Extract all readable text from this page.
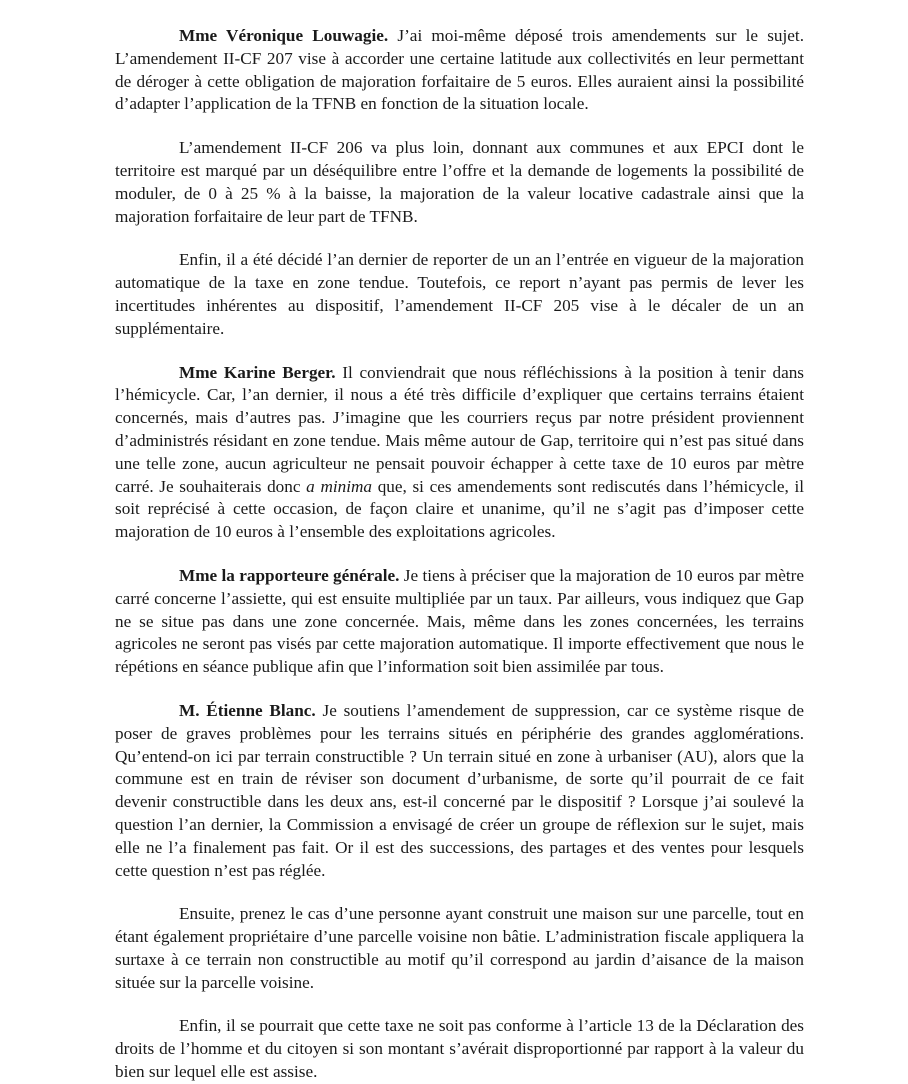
Mme Véronique Louwagie. J’ai moi-même déposé trois amendements sur le sujet. L’amendement II-CF 207 vise à accorder une certaine latitude aux collectivités en leur permettant de déroger à cette obligation de majoration forfaitaire de 5 euros. Elles auraient ainsi la possibilité d’adapter l’application de la TFNB en fonction de la situation locale.

L’amendement II-CF 206 va plus loin, donnant aux communes et aux EPCI dont le territoire est marqué par un déséquilibre entre l’offre et la demande de logements la possibilité de moduler, de 0 à 25 % à la baisse, la majoration de la valeur locative cadastrale ainsi que la majoration forfaitaire de leur part de TFNB.

Enfin, il a été décidé l’an dernier de reporter de un an l’entrée en vigueur de la majoration automatique de la taxe en zone tendue. Toutefois, ce report n’ayant pas permis de lever les incertitudes inhérentes au dispositif, l’amendement II-CF 205 vise à le décaler de un an supplémentaire.

Mme Karine Berger. Il conviendrait que nous réfléchissions à la position à tenir dans l’hémicycle. Car, l’an dernier, il nous a été très difficile d’expliquer que certains terrains étaient concernés, mais d’autres pas. J’imagine que les courriers reçus par notre président proviennent d’administrés résidant en zone tendue. Mais même autour de Gap, territoire qui n’est pas situé dans une telle zone, aucun agriculteur ne pensait pouvoir échapper à cette taxe de 10 euros par mètre carré. Je souhaiterais donc a minima que, si ces amendements sont rediscutés dans l’hémicycle, il soit reprécisé à cette occasion, de façon claire et unanime, qu’il ne s’agit pas d’imposer cette majoration de 10 euros à l’ensemble des exploitations agricoles.

Mme la rapporteure générale. Je tiens à préciser que la majoration de 10 euros par mètre carré concerne l’assiette, qui est ensuite multipliée par un taux. Par ailleurs, vous indiquez que Gap ne se situe pas dans une zone concernée. Mais, même dans les zones concernées, les terrains agricoles ne seront pas visés par cette majoration automatique. Il importe effectivement que nous le répétions en séance publique afin que l’information soit bien assimilée par tous.

M. Étienne Blanc. Je soutiens l’amendement de suppression, car ce système risque de poser de graves problèmes pour les terrains situés en périphérie des grandes agglomérations. Qu’entend-on ici par terrain constructible ? Un terrain situé en zone à urbaniser (AU), alors que la commune est en train de réviser son document d’urbanisme, de sorte qu’il pourrait de ce fait devenir constructible dans les deux ans, est-il concerné par le dispositif ? Lorsque j’ai soulevé la question l’an dernier, la Commission a envisagé de créer un groupe de réflexion sur le sujet, mais elle ne l’a finalement pas fait. Or il est des successions, des partages et des ventes pour lesquels cette question n’est pas réglée.

Ensuite, prenez le cas d’une personne ayant construit une maison sur une parcelle, tout en étant également propriétaire d’une parcelle voisine non bâtie. L’administration fiscale appliquera la surtaxe à ce terrain non constructible au motif qu’il correspond au jardin d’aisance de la maison située sur la parcelle voisine.

Enfin, il se pourrait que cette taxe ne soit pas conforme à l’article 13 de la Déclaration des droits de l’homme et du citoyen si son montant s’avérait disproportionné par rapport à la valeur du bien sur lequel elle est assise.
